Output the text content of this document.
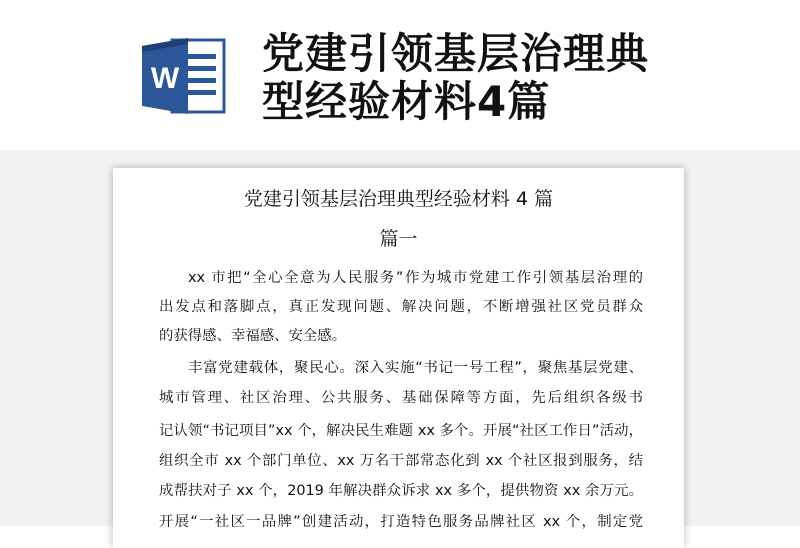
W
党建引领基层治理典
型经验材料4篇
党建引领基层治理典型经验材料 4 篇
篇一
xx 市把“全心全意为人民服务”作为城市党建工作引领基层治理的
出发点和落脚点，真正发现问题、解决问题，不断增强社区党员群众
的获得感、幸福感、安全感。
丰富党建载体，聚民心。深入实施“书记一号工程”，聚焦基层党建、
城市管理、社区治理、公共服务、基础保障等方面，先后组织各级书
记认领“书记项目”xx 个，解决民生难题 xx 多个。开展“社区工作日”活动，
组织全市 xx 个部门单位、xx 万名干部常态化到 xx 个社区报到服务，结
成帮扶对子 xx 个，2019 年解决群众诉求 xx 多个，提供物资 xx 余万元。
开展“一社区一品牌”创建活动，打造特色服务品牌社区 xx 个，制定党
